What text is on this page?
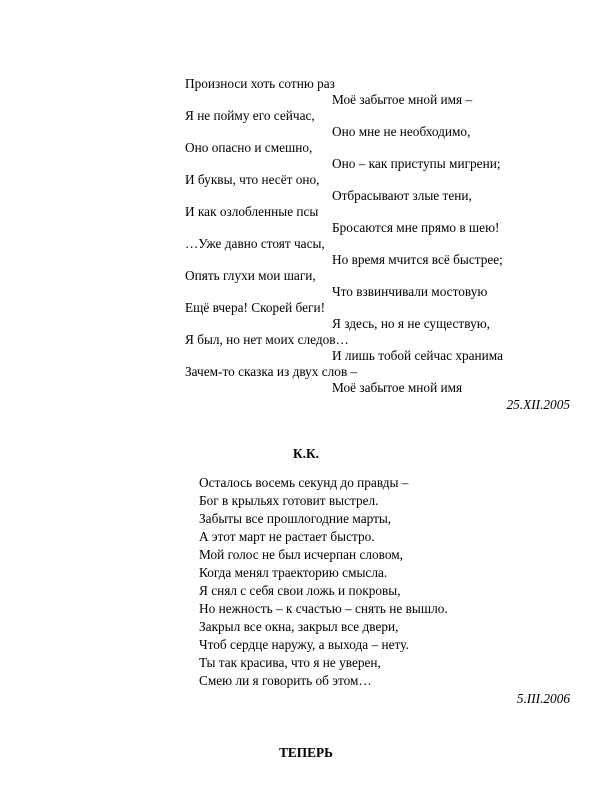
Произноси хоть сотню раз

Моё забытое мной имя –

Я не пойму его сейчас,

Оно мне не необходимо,

Оно опасно и смешно,

Оно – как приступы мигрени;

И буквы, что несёт оно,

Отбрасывают злые тени,

И как озлобленные псы

Бросаются мне прямо в шею!

…Уже давно стоят часы,

Но время мчится всё быстрее;

Опять глухи мои шаги,

Что взвинчивали мостовую

Ещё вчера! Скорей беги!

Я здесь, но я не существую,

Я был, но нет моих следов…

И лишь тобой сейчас хранима

Зачем-то сказка из двух слов –

Моё забытое мной имя

25.XII.2005

К.К.

Осталось восемь секунд до правды –

Бог в крыльях готовит выстрел.

Забыты все прошлогодние марты,

А этот март не растает быстро.

Мой голос не был исчерпан словом,

Когда менял траекторию смысла.

Я снял с себя свои ложь и покровы,

Но нежность – к счастью – снять не вышло.

Закрыл все окна, закрыл все двери,

Чтоб сердце наружу, а выхода – нету.

Ты так красива, что я не уверен,

Смею ли я говорить об этом…

5.III.2006

ТЕПЕРЬ
